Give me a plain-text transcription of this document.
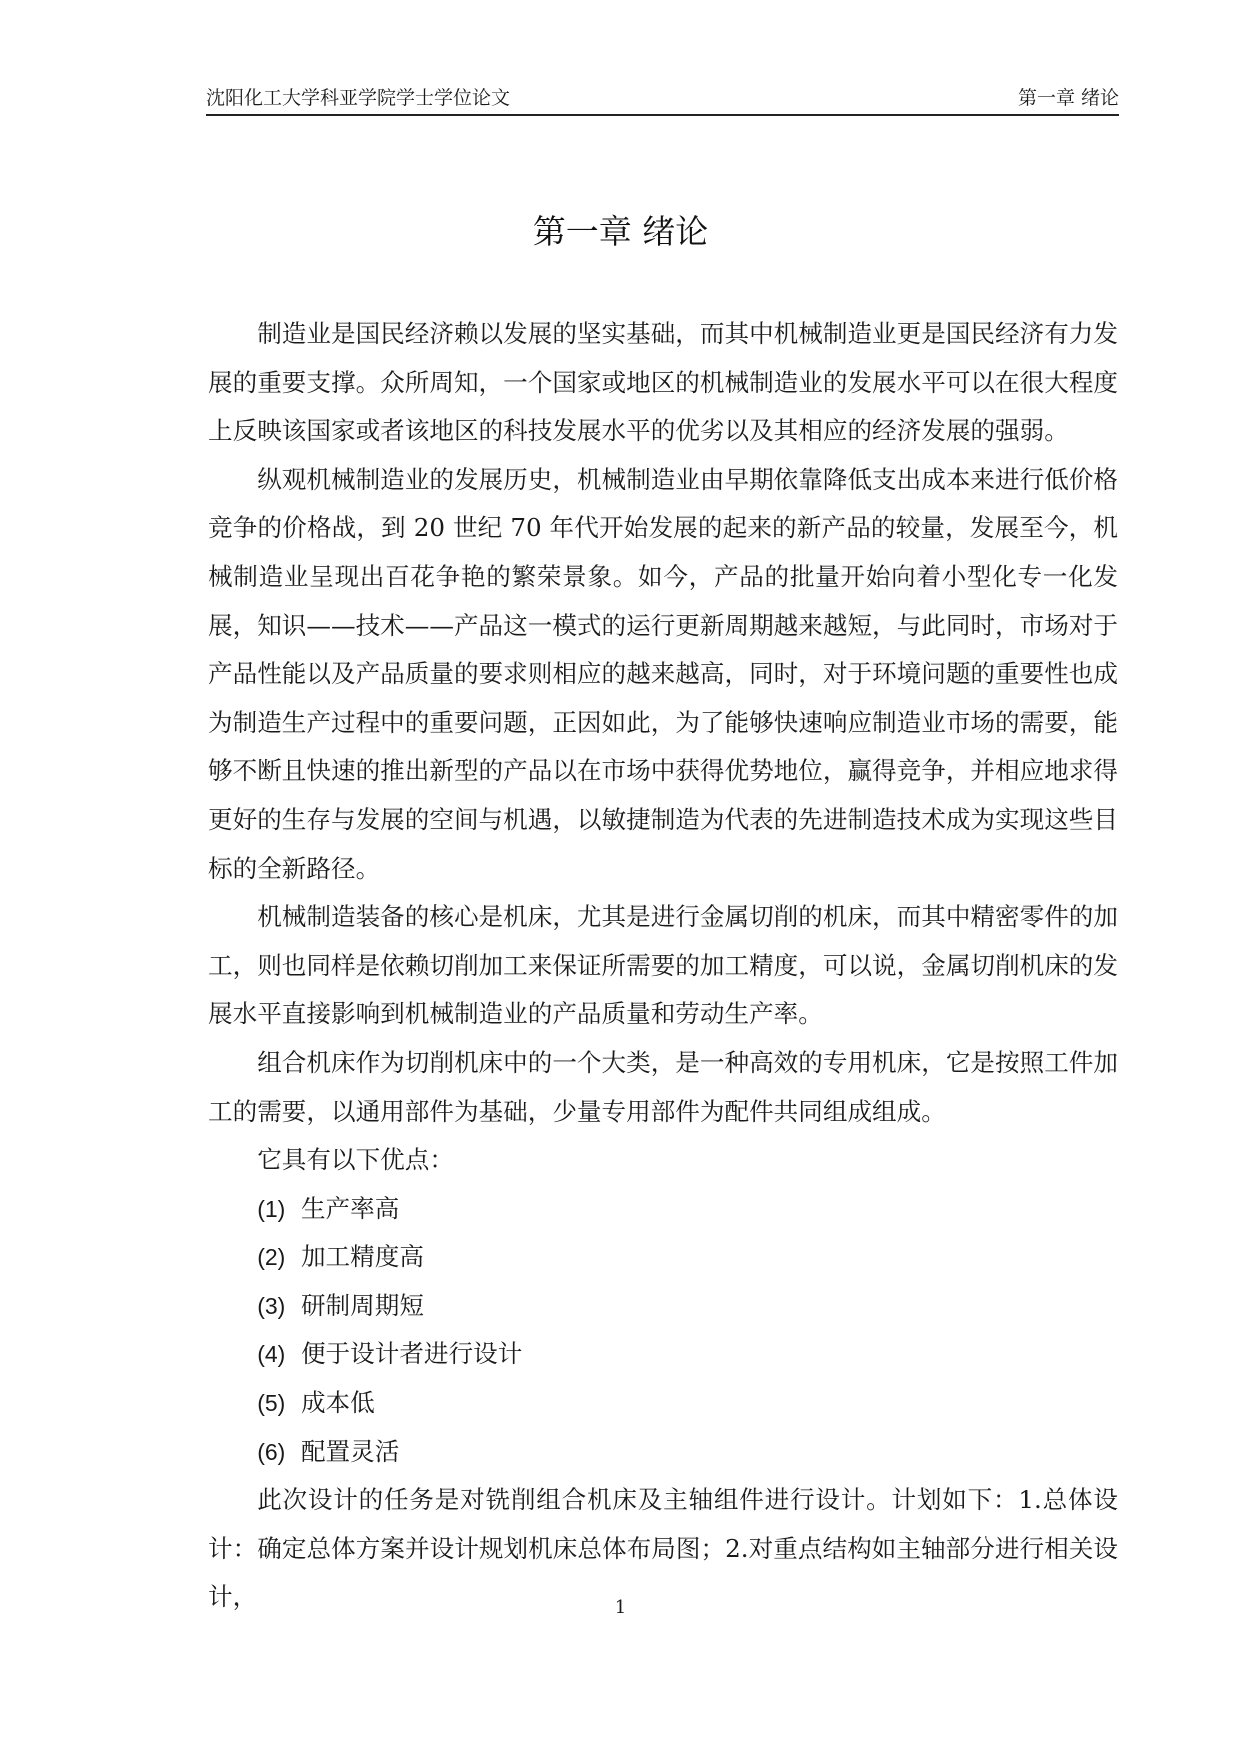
沈阳化工大学科亚学院学士学位论文	第一章 绪论
第一章 绪论

制造业是国民经济赖以发展的坚实基础，而其中机械制造业更是国民经济有力发展的重要支撑。众所周知，一个国家或地区的机械制造业的发展水平可以在很大程度上反映该国家或者该地区的科技发展水平的优劣以及其相应的经济发展的强弱。

纵观机械制造业的发展历史，机械制造业由早期依靠降低支出成本来进行低价格竞争的价格战，到 20 世纪 70 年代开始发展的起来的新产品的较量，发展至今，机械制造业呈现出百花争艳的繁荣景象。如今，产品的批量开始向着小型化专一化发展，知识——技术——产品这一模式的运行更新周期越来越短，与此同时，市场对于产品性能以及产品质量的要求则相应的越来越高，同时，对于环境问题的重要性也成为制造生产过程中的重要问题，正因如此，为了能够快速响应制造业市场的需要，能够不断且快速的推出新型的产品以在市场中获得优势地位，赢得竞争，并相应地求得更好的生存与发展的空间与机遇，以敏捷制造为代表的先进制造技术成为实现这些目标的全新路径。

机械制造装备的核心是机床，尤其是进行金属切削的机床，而其中精密零件的加工，则也同样是依赖切削加工来保证所需要的加工精度，可以说，金属切削机床的发展水平直接影响到机械制造业的产品质量和劳动生产率。

组合机床作为切削机床中的一个大类，是一种高效的专用机床，它是按照工件加工的需要，以通用部件为基础，少量专用部件为配件共同组成组成。

它具有以下优点：

(1) 生产率高

(2) 加工精度高

(3) 研制周期短

(4) 便于设计者进行设计

(5) 成本低

(6) 配置灵活

此次设计的任务是对铣削组合机床及主轴组件进行设计。计划如下：1.总体设计：确定总体方案并设计规划机床总体布局图；2.对重点结构如主轴部分进行相关设计，	1
